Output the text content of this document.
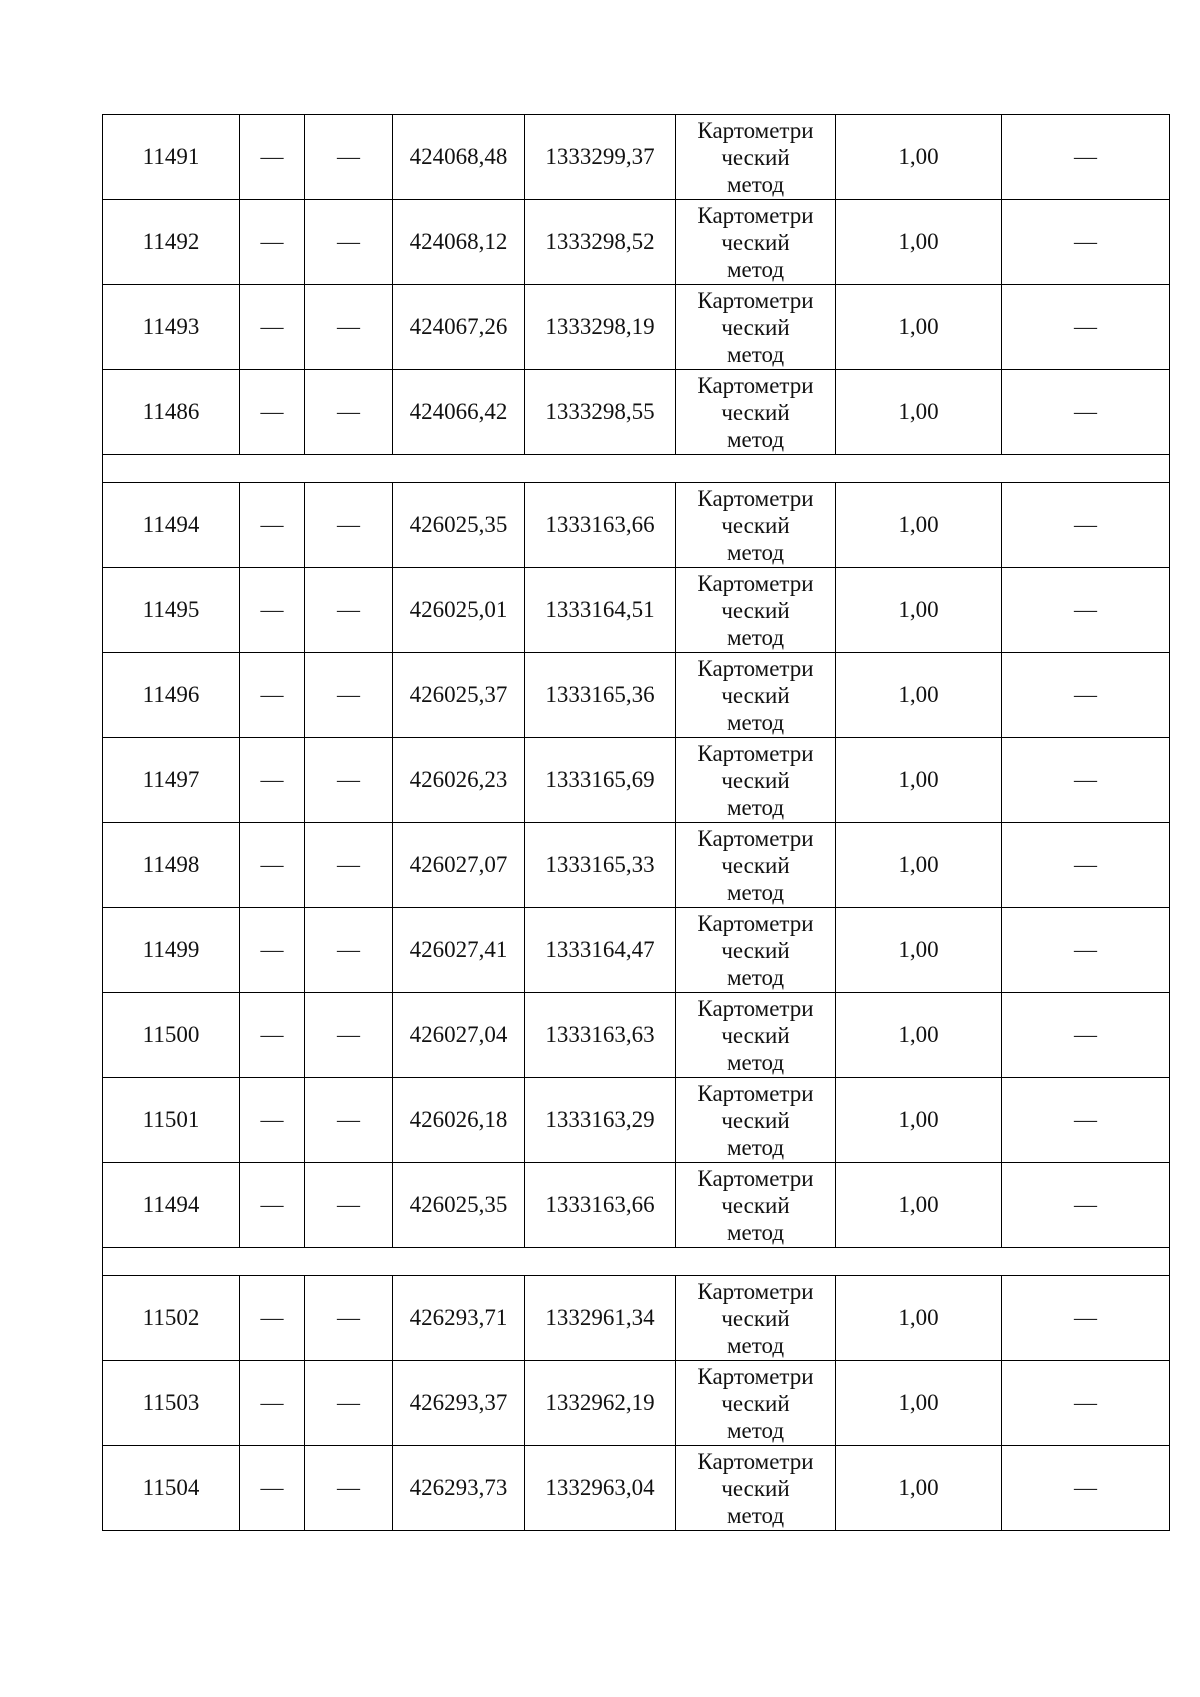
11491	—	—	424068,48	1333299,37	Картометри
ческий
метод	1,00	—
11492	—	—	424068,12	1333298,52	Картометри
ческий
метод	1,00	—
11493	—	—	424067,26	1333298,19	Картометри
ческий
метод	1,00	—
11486	—	—	424066,42	1333298,55	Картометри
ческий
метод	1,00	—

11494	—	—	426025,35	1333163,66	Картометри
ческий
метод	1,00	—
11495	—	—	426025,01	1333164,51	Картометри
ческий
метод	1,00	—
11496	—	—	426025,37	1333165,36	Картометри
ческий
метод	1,00	—
11497	—	—	426026,23	1333165,69	Картометри
ческий
метод	1,00	—
11498	—	—	426027,07	1333165,33	Картометри
ческий
метод	1,00	—
11499	—	—	426027,41	1333164,47	Картометри
ческий
метод	1,00	—
11500	—	—	426027,04	1333163,63	Картометри
ческий
метод	1,00	—
11501	—	—	426026,18	1333163,29	Картометри
ческий
метод	1,00	—
11494	—	—	426025,35	1333163,66	Картометри
ческий
метод	1,00	—

11502	—	—	426293,71	1332961,34	Картометри
ческий
метод	1,00	—
11503	—	—	426293,37	1332962,19	Картометри
ческий
метод	1,00	—
11504	—	—	426293,73	1332963,04	Картометри
ческий
метод	1,00	—
